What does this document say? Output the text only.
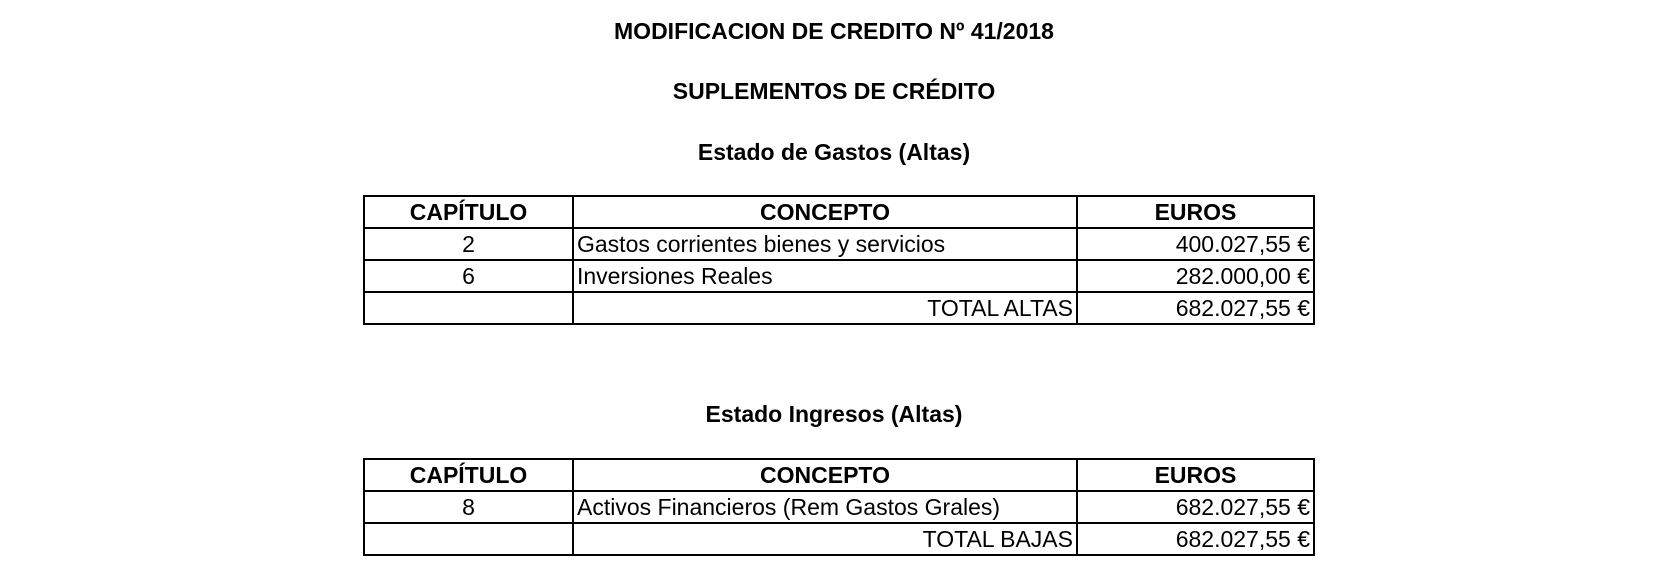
MODIFICACION DE CREDITO Nº 41/2018
SUPLEMENTOS DE CRÉDITO
Estado de Gastos (Altas)
CAPÍTULO	CONCEPTO	EUROS
2	Gastos corrientes bienes y servicios	400.027,55 €
6	Inversiones Reales	282.000,00 €
	TOTAL ALTAS	682.027,55 €
Estado Ingresos (Altas)
CAPÍTULO	CONCEPTO	EUROS
8	Activos Financieros (Rem Gastos Grales)	682.027,55 €
	TOTAL BAJAS	682.027,55 €
